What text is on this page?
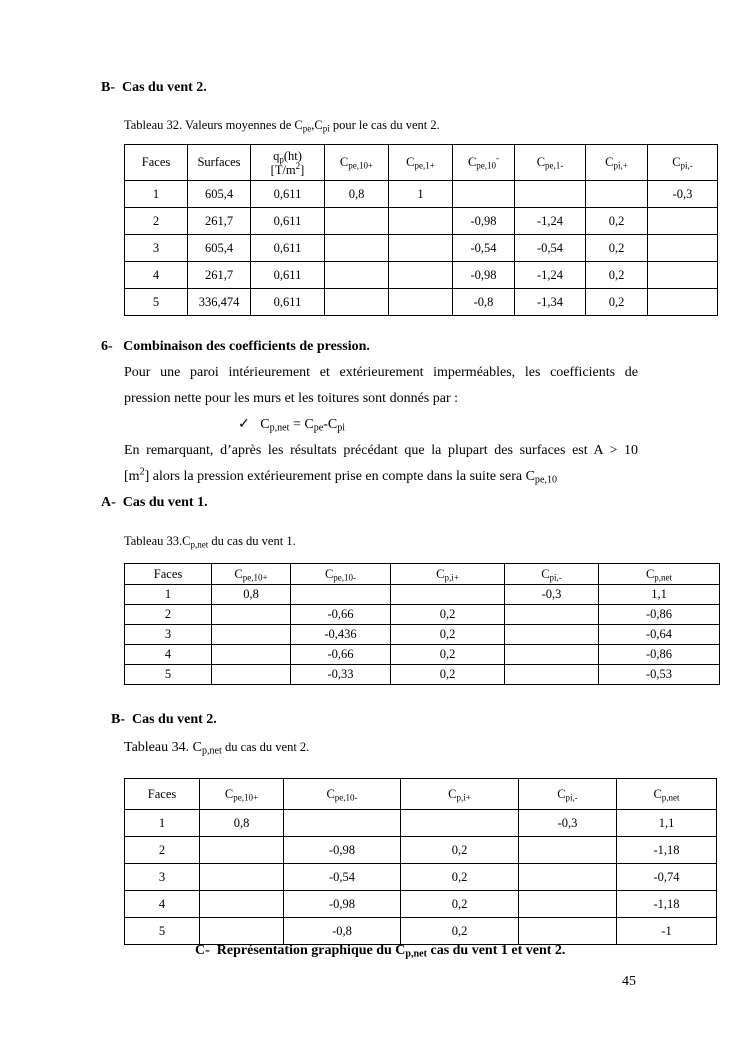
B- Cas du vent 2.
Tableau 32. Valeurs moyennes de $C_{pe},C_{pi}$ pour le cas du vent 2.
Faces	Surfaces	$q_p(ht)$
$[T/m^2]$	$C_{pe,10+}$	$C_{pe,1+}$	$C_{pe,10}^-$	$C_{pe,1-}$	$C_{pi,+}$	$C_{pi,-}$
1	605,4	0,611	0,8	1				-0,3
2	261,7	0,611			-0,98	-1,24	0,2	
3	605,4	0,611			-0,54	-0,54	0,2	
4	261,7	0,611			-0,98	-1,24	0,2	
5	336,474	0,611			-0,8	-1,34	0,2	
6- Combinaison des coefficients de pression.
Pour une paroi intérieurement et extérieurement imperméables, les coefficients de
pression nette pour les murs et les toitures sont donnés par :
✓ $C_{p,net} = C_{pe}-C_{pi}$
En remarquant, d’après les résultats précédant que la plupart des surfaces est A > 10
$[m^2]$ alors la pression extérieurement prise en compte dans la suite sera $C_{pe,10}$
A- Cas du vent 1.
Tableau $33.C_{p,net}$ du cas du vent 1.
Faces	$C_{pe,10+}$	$C_{pe,10-}$	$C_{p,i+}$	$C_{pi,-}$	$C_{p,net}$
1	0,8			-0,3	1,1
2		-0,66	0,2		-0,86
3		-0,436	0,2		-0,64
4		-0,66	0,2		-0,86
5		-0,33	0,2		-0,53
B- Cas du vent 2.
Tableau 34. $C_{p,net}$ du cas du vent 2.
Faces	$C_{pe,10+}$	$C_{pe,10-}$	$C_{p,i+}$	$C_{pi,-}$	$C_{p,net}$
1	0,8			-0,3	1,1
2		-0,98	0,2		-1,18
3		-0,54	0,2		-0,74
4		-0,98	0,2		-1,18
5		-0,8	0,2		-1
C- Représentation graphique du $C_{p,net}$ cas du vent 1 et vent 2.
45
